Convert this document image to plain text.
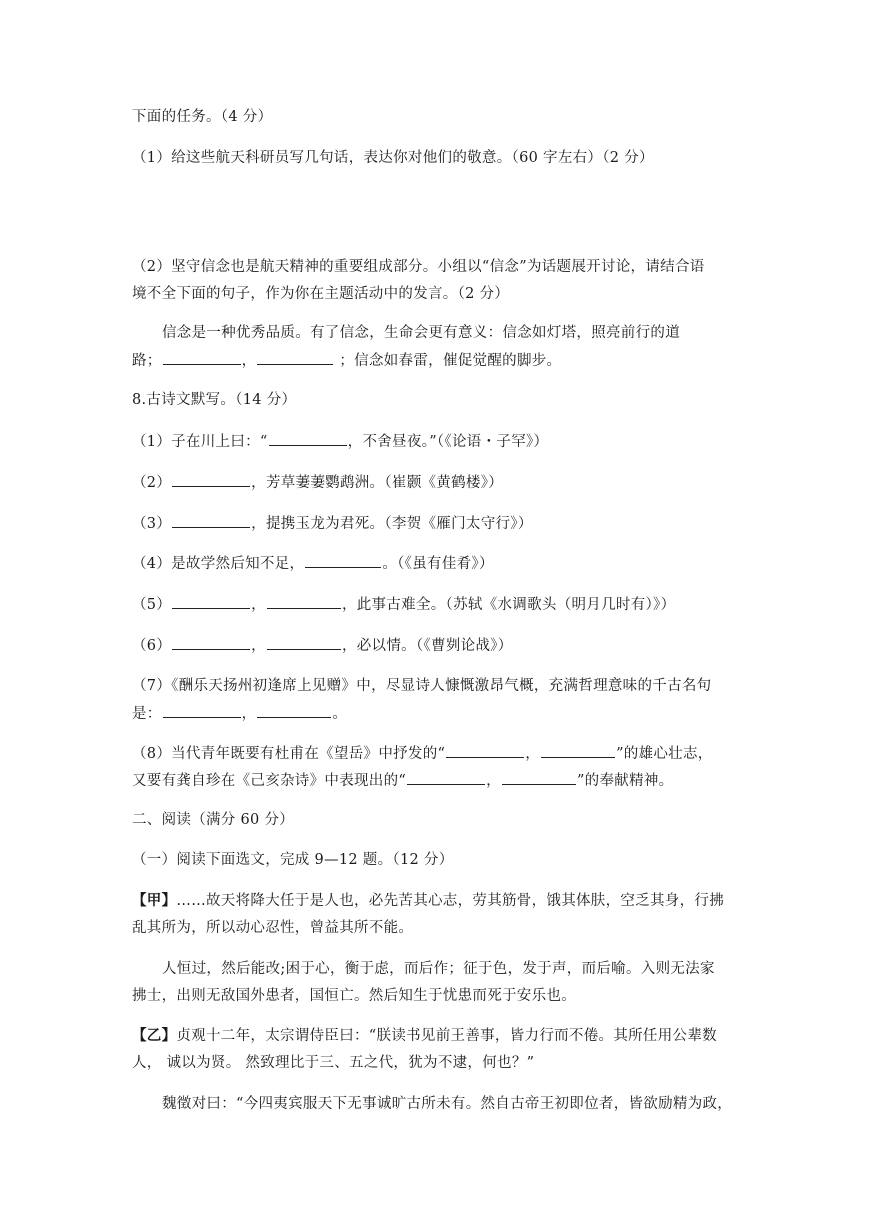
下面的任务。（4 分）
（1）给这些航天科研员写几句话，表达你对他们的敬意。（60 字左右）（2 分）
（2）坚守信念也是航天精神的重要组成部分。小组以“信念”为话题展开讨论，请结合语
境不全下面的句子，作为你在主题活动中的发言。（2 分）
信念是一种优秀品质。有了信念，生命会更有意义：信念如灯塔，照亮前行的道
路；	，	；信念如春雷，催促觉醒的脚步。
8.古诗文默写。（14 分）
（1）子在川上曰：“	，不舍昼夜。”（《论语・子罕》）
（2）	，芳草萋萋鹦鹉洲。（崔颢《黄鹤楼》）
（3）	，提携玉龙为君死。（李贺《雁门太守行》）
（4）是故学然后知不足，	。（《虽有佳肴》）
（5）	，	，此事古难全。（苏轼《水调歌头（明月几时有）》）
（6）	，	，必以情。（《曹刿论战》）
（7）《酬乐天扬州初逢席上见赠》中，尽显诗人慷慨激昂气概，充满哲理意味的千古名句
是：	，	。
（8）当代青年既要有杜甫在《望岳》中抒发的“	，	”的雄心壮志，
又要有龚自珍在《己亥杂诗》中表现出的“	，	”的奉献精神。
二、阅读（满分 60 分）
（一）阅读下面选文，完成 9—12 题。（12 分）
【甲】……故天将降大任于是人也，必先苦其心志，劳其筋骨，饿其体肤，空乏其身，行拂
乱其所为，所以动心忍性，曾益其所不能。
人恒过，然后能改;困于心，衡于虑，而后作；征于色，发于声，而后喻。入则无法家
拂士，出则无敌国外患者，国恒亡。然后知生于忧患而死于安乐也。
【乙】贞观十二年，太宗谓侍臣曰：“朕读书见前王善事，皆力行而不倦。其所任用公辈数
人， 诚以为贤。 然致理比于三、五之代，犹为不逮，何也？”
魏徵对曰：“今四夷宾服天下无事诚旷古所未有。然自古帝王初即位者，皆欲励精为政，
